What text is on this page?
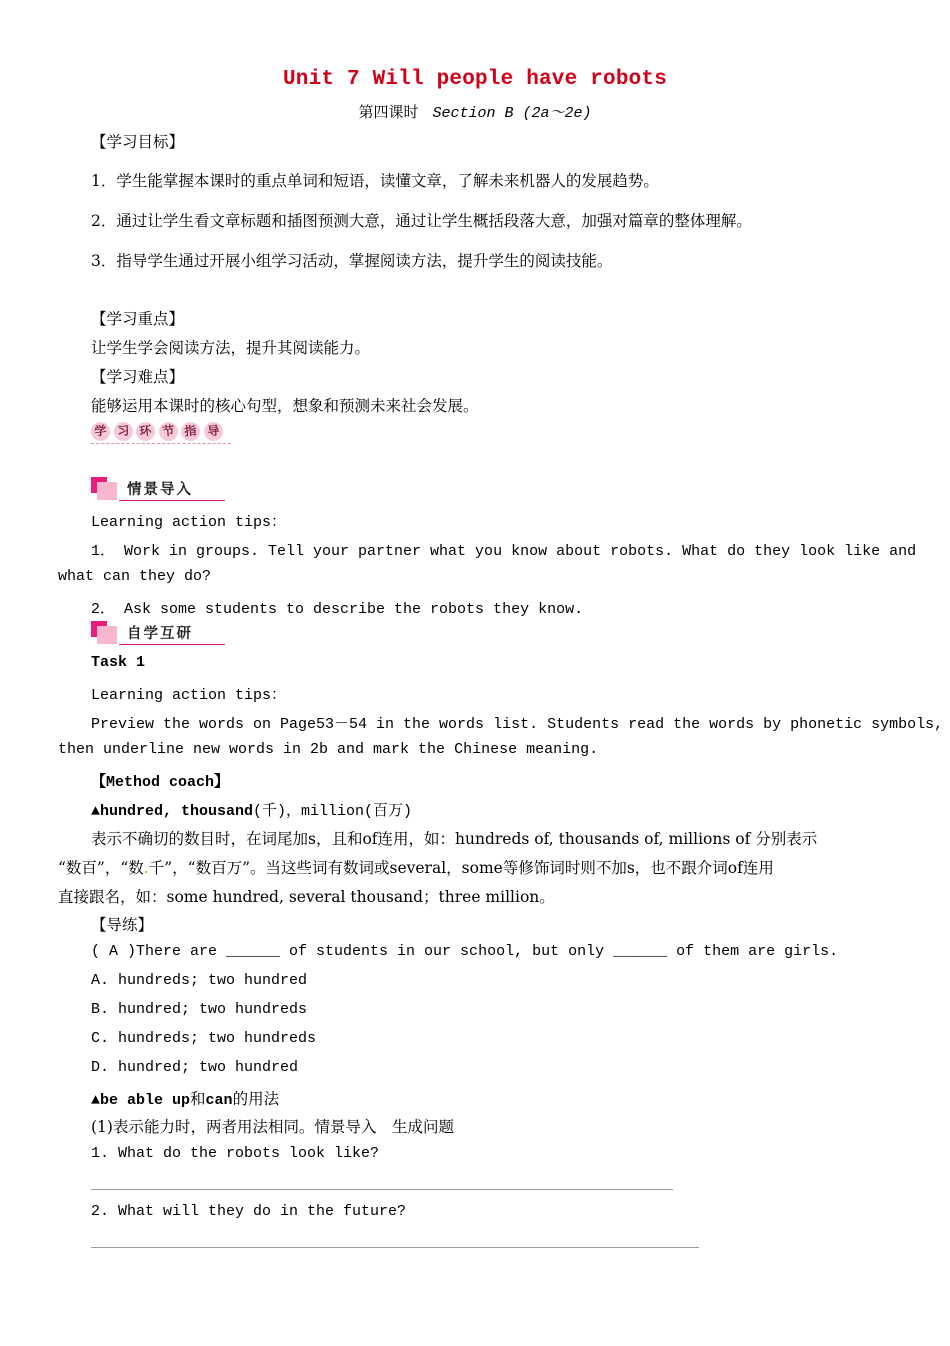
Unit 7 Will people have robots
第四课时 Section B (2a～2e)
【学习目标】
1．学生能掌握本课时的重点单词和短语，读懂文章，了解未来机器人的发展趋势。
2．通过让学生看文章标题和插图预测大意，通过让学生概括段落大意，加强对篇章的整体理解。
3．指导学生通过开展小组学习活动，掌握阅读方法，提升学生的阅读技能。
【学习重点】
让学生学会阅读方法，提升其阅读能力。
【学习难点】
能够运用本课时的核心句型，想象和预测未来社会发展。
学 习 环 节 指 导
情景导入
Learning action tips：
1． Work in groups. Tell your partner what you know about robots. What do they look like and
what can they do?
2． Ask some students to describe the robots they know.
自学互研
Task 1
Learning action tips：
Preview the words on Page53－54 in the words list. Students read the words by phonetic symbols,
then underline new words in 2b and mark the Chinese meaning.
【Method coach】
▲hundred, thousand(千)，million(百万)
表示不确切的数目时，在词尾加s，且和of连用，如：hundreds of, thousands of, millions of 分别表示
“数百”，“数.千”，“数百万”。当这些词有数词或several，some等修饰词时则不加s，也不跟介词of连用
直接跟名，如：some hundred, several thousand；three million。
【导练】
( A )There are ______ of students in our school, but only ______ of them are girls.
A. hundreds; two hundred
B. hundred; two hundreds
C. hundreds; two hundreds
D. hundred; two hundred
▲be able up和can的用法
(1)表示能力时，两者用法相同。情景导入　生成问题
1. What do the robots look like?
2. What will they do in the future?
